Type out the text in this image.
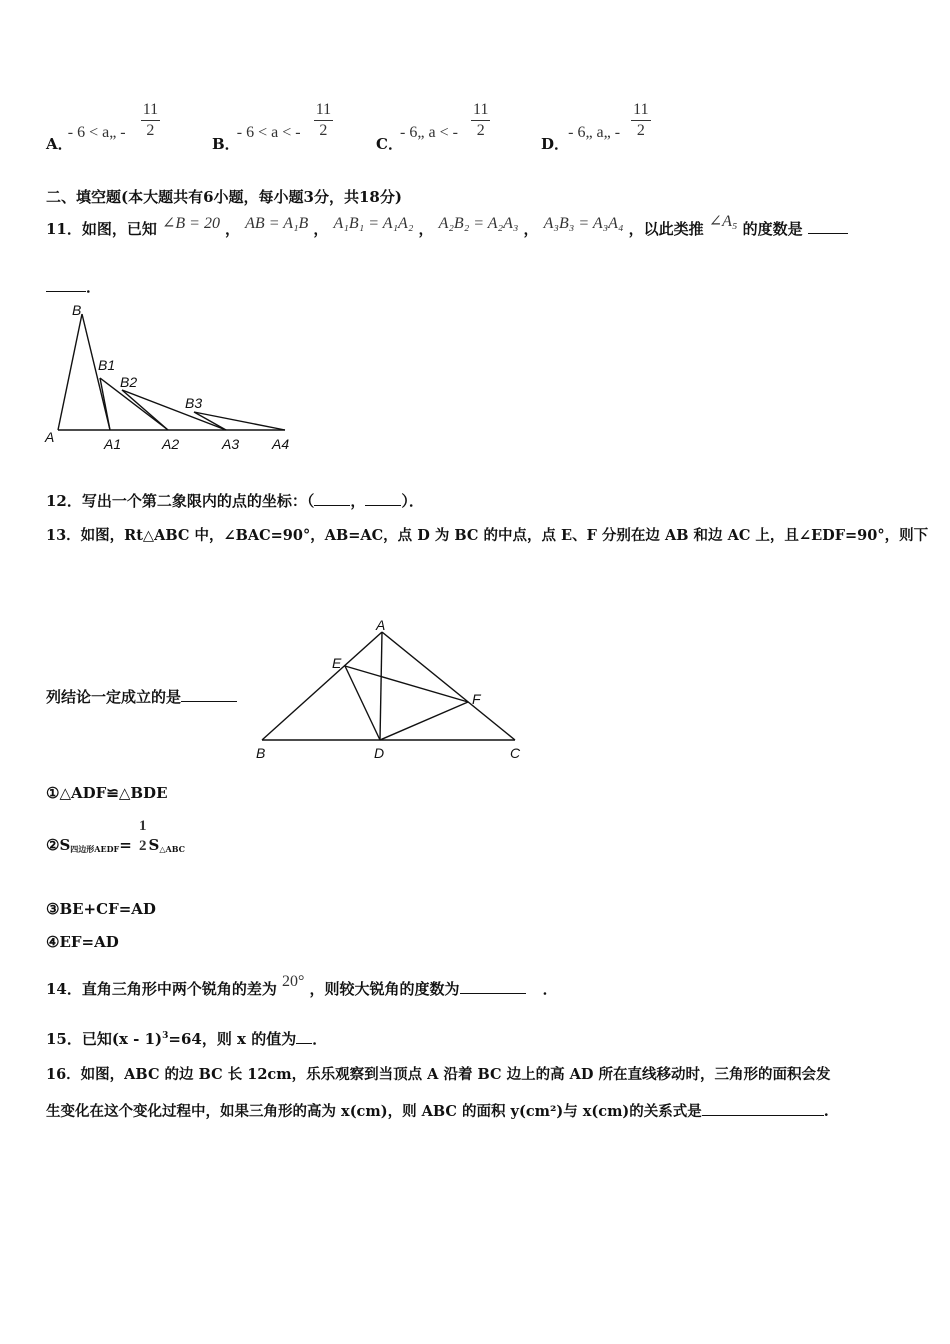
A． - 6 < a„ - $\frac{11}{2}$
B． - 6 < a < - $\frac{11}{2}$
C． - 6„ a < - $\frac{11}{2}$
D． - 6„ a„ - $\frac{11}{2}$
二、填空题(本大题共有6小题，每小题3分，共18分)
11．如图，已知 ∠B = 20 ， AB = A₁B ， A₁B₁ = A₁A₂ ， A₂B₂ = A₂A₃ ， A₃B₃ = A₃A₄ ，以此类推 ∠A₅ 的度数是
．
B
B1
B2
B3
A	A1	A2	A3 A4
12．写出一个第二象限内的点的坐标：（ ， ）．
13．如图，Rt△ABC 中，∠BAC=90°，AB=AC，点 D 为 BC 的中点，点 E、F 分别在边 AB 和边 AC 上，且∠EDF=90°，则下
列结论一定成立的是
A
E
F
B	D	C
①△ADF≌△BDE
$②S_{四边形AEDF}=$
1
2 $S_{\triangle ABC}$
③BE+CF=AD
④EF=AD
14．直角三角形中两个锐角的差为 20° ，则较大锐角的度数为	．
15．已知(x - 1)$^3$=64，则 x 的值为 ．
16．如图，ABC 的边 BC 长 12cm，乐乐观察到当顶点 A 沿着 BC 边上的高 AD 所在直线移动时，三角形的面积会发
生变化在这个变化过程中，如果三角形的高为 x(cm)，则 ABC 的面积 y(cm²)与 x(cm)的关系式是	.
